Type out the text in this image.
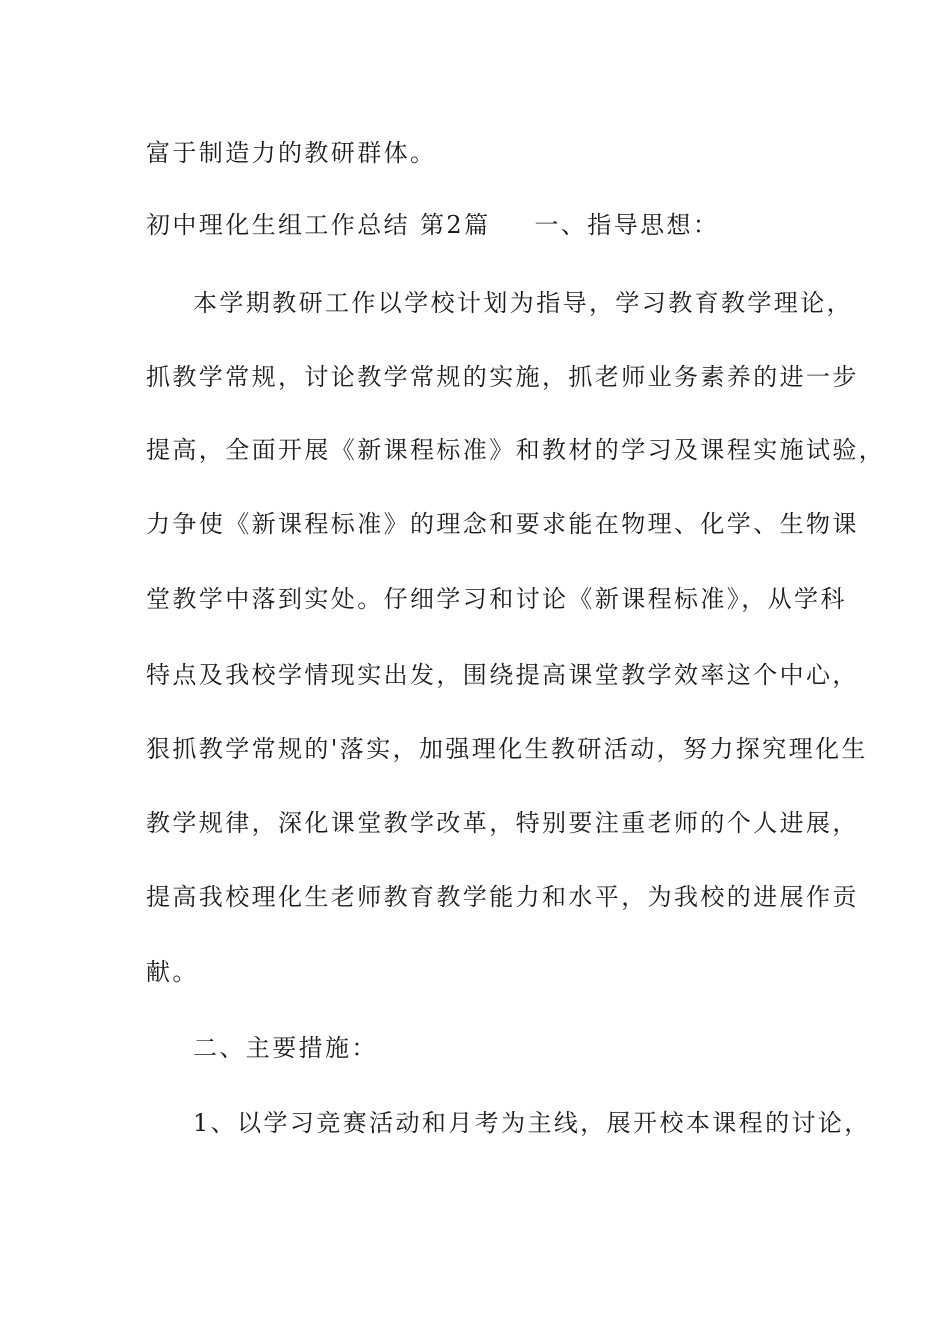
富于制造力的教研群体。
初中理化生组工作总结 第2篇 一、指导思想：
本学期教研工作以学校计划为指导，学习教育教学理论，
抓教学常规，讨论教学常规的实施，抓老师业务素养的进一步
提高，全面开展《新课程标准》和教材的学习及课程实施试验，
力争使《新课程标准》的理念和要求能在物理、化学、生物课
堂教学中落到实处。仔细学习和讨论《新课程标准》，从学科
特点及我校学情现实出发，围绕提高课堂教学效率这个中心，
狠抓教学常规的'落实，加强理化生教研活动，努力探究理化生
教学规律，深化课堂教学改革，特别要注重老师的个人进展，
提高我校理化生老师教育教学能力和水平，为我校的进展作贡
献。
二、主要措施：
1、以学习竞赛活动和月考为主线，展开校本课程的讨论，
